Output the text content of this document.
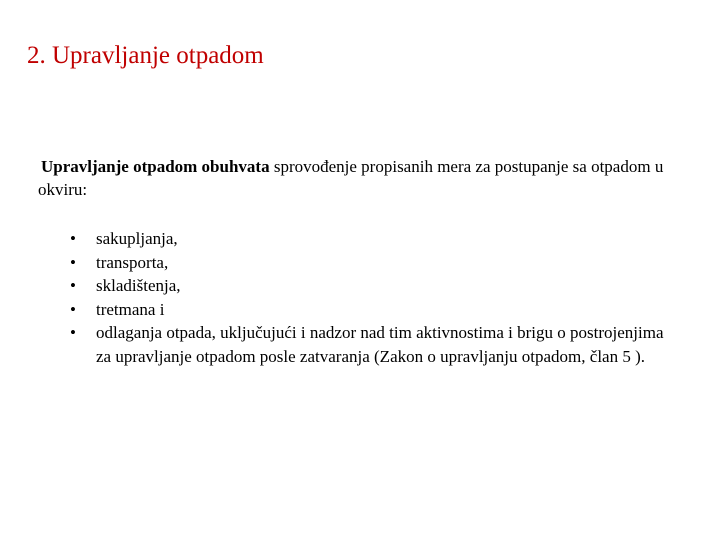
2. Upravljanje otpadom

Upravljanje otpadom obuhvata sprovođenje propisanih mera za postupanje sa otpadom u okviru:

• sakupljanja,
• transporta,
• skladištenja,
• tretmana i
• odlaganja otpada, uključujući i nadzor nad tim aktivnostima i brigu o postrojenjima za upravljanje otpadom posle zatvaranja (Zakon o upravljanju otpadom, član 5 ).
